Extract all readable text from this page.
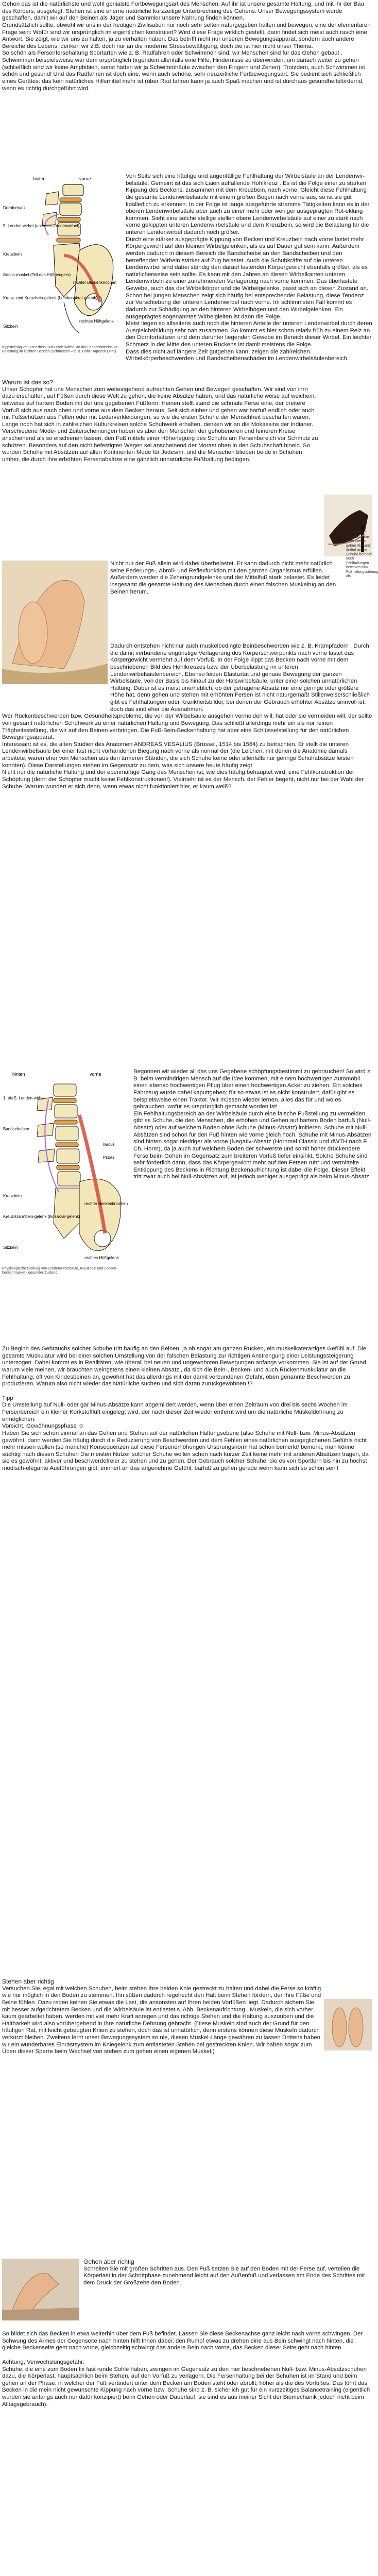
Gehen das ist die natürlichste und wohl genialste Fortbewegungsart des Menschen. Auf ihr ist unsere gesamte Haltung, und mit ihr der Bau des Körpers, ausgelegt. Stehen ist eine eherne natürliche kurzzeitige Unterbrechung des Gehens. Unser Bewegungssystem wurde geschaffen, damit wir auf den Beinen als Jäger und Sammler unsere Nahrung finden können.

Grundsätzlich sollte, obwohl wir uns in der heutigen Zivilisation nur noch sehr selten naturgegeben halten und bewegen, eine der elementaren Frage sein: Wofür sind wir ursprünglich im eigentlichen konstruiert? Wird diese Frage wirklich gestellt, dann findet sich meist auch rasch eine Antwort. Sie zeigt, wie wir uns zu halten, ja zu verhalten haben. Das betrifft nicht nur unseren Bewegungsapparat, sondern auch andere Bereiche des Lebens, denken wir z.B. doch nur an die moderne Stressbewältigung, doch die ist hier nicht unser Thema.

So schön als Fersenfersehaltung Sportarten wie z. B. Radfahren oder Schwimmen sind: wir Menschen sind für das Gehen gebaut . Schwimmen beispielsweise war dem ursprünglich (irgendein allenfalls eine Hilfe; Hindernisse zu überwinden; um danach weiter zu gehen (schließlich sind wir keine Amphibien, sonst hätten wir ja Schwimmhäute zwischen den Fingern und Zehen). Trotzdem, auch Schwimmen ist schön und gesund! Und das Radfahren ist doch eine, wenn auch schöne, sehr neuzeitliche Fortbewegungsart. Sie bedient sich schließlich eines Gerätes: das kein natürliches Hilfsmittel mehr ist (über Rad fahren kann ja auch Spaß machen und ist durchaus gesundheitsfördernd, wenn es richtig durchgeführt wird.

hinten	vorne
Dornfortsatz
5. Lenden-wirbel (unterster Lendenwirbel)
Kreuzbein
Iliacus-muskel (Teil des Hüftbeugers)
Kreuz- und Kreuzbein-gelenk (Lumbosakral-gelenk)
Sitzbein
rechter Beckenknochen
rechtes Hüftgelenk

Kippstellung von Kreuzbein und Lendenwirbel an der Lendenwirbelsäule; Belastung im leichten Bereich (Schmerzen – z. B. Hohl-Trapezen (TPT)

Von Seite sich eine häufige und augenfällige Fehlhaltung der Wirbelsäule an der Lendenwir-belsäule. Gemeint ist das sich Laien auffallende Hohlkreuz . Es ist die Folge einer zu starken Kippung des Beckens, zusammen mit dem Kreuzbein, nach vorne. Gleicht diese Fehlhaltung die gesamte Lendenwirbelsäule mit einem großen Bogen nach vorne aus, so ist sie gut koällerlich zu erkennen. In der Folge ist lange ausgeführte stramme Tätigkeiten kann es in der oberen Lendenwirbelsäule aber auch zu einer mehr oder weniger ausgeprägten Rot-eklung kommen. Sieht eine solche stellige stellen obere Lendenwirbelsäule auf einer zu stark nach vorne gekippten unteren Lendenwirbelsäule und dem Kreuzbein, so wird die Belastung für die unteren Lendenwirbel dadurch noch größer.

Durch eine stärker ausgeprägte Kippung von Becken und Kreuzbein nach vorne lastet mehr Körpergewicht auf den kleinen Wirbelgelenken, als es auf Dauer gut sein kann. Außerdem werden dadurch in diesem Bereich die Bandscheibe an den Bandscheiben und den betreffenden Wirbeln stärker auf Zug belastet. Auch die Schubkräfte auf die unteren Lendenwirbel sind dabei ständig den darauf lastenden Körpergewicht ebenfalls größer, als es natürlicherweise sein sollte. Es kann mit den Jahren an diesen Wirbelkanten unteren Lendenwirbeln zu einer zunehmenden Verlagerung nach vorne kommen. Das überlastete Gewebe, auch das der Wirbelkörper und die Wirbelgelenke, passt sich an diesen Zustand an. Schon bei jungen Menschen zeigt sich häufig bei entsprechender Belastung, diese Tendenz zur Verschiebung der unteren Lendenwirbel nach vorne. Im schlimmsten Fall kommt es dadurch zur Schädigung an den hinteren Wirbelbögen und den Wirbelgelenken. Ein ausgeprägtes sogenanntes Wirbelgleiten ist dann die Folge.

Meist liegen so allseitens auch noch die hinteren Anteile der unteren Lendenwirbel durch deren Ausgleichsbildung sehr nah zusammen. So kommt es hier schon relativ früh zu einem Reiz an den Dornfortsätzen und dem darunter liegenden Gewebe im Bereich dieser Wirbel. Ein leichter Schmerz in der Mitte des unteren Rückens ist damit meistens die Folge.

Dass dies nicht auf längere Zeit gutgehen kann, zeigen die zahlreichen Wirbelkörperbeschwerden und Bandscheibenschäden im Lendenwirbelsäulenbereich.

Warum ist das so?

Unser Schopfer hat uns Menschen zum weitestgehend aufrechten Gehen und Bewegen geschaffen. Wir sind von ihrn dazu erschaffen, auf Füßen durch diese Welt zu gehen, die keine Absätze haben, und das natürliche weise auf weichem, teilweise auf hartem Boden mit der uns gegebenen Fußform: Heinen stellt stand die schmale Ferse eine, der breitere Vorfuß sich aus nach oben und vorne aus dem Becken heraus. Seit sich einher und gehen war barfuß endlich oder auch mit Fußschützen aus Fellen oder mit Lederverkleidungen, so wie die ersten Schuhe der Menschheit beschaffen waren. Lange noch hat sich in zahlreichen Kulturkreisen solche Schuhwerk erhalten, denken wir an die Mokassins der Indianer.

Verschiedene Mode- und Zeiterscheinungen haben es aber den Menschen der gehobeneren und feineren Kreise anscheinend als so erschienen lassen, den Fuß mittels einer Höherlegung des Schuhs am Fersenbereich vor Schmutz zu schützen. Besonders auf den nicht befestigten Wegen sei anscheinend der Morast oben in den Schuhschaft hinein. So wurden Schuhe mit Absätzen auf allen Kontinenten Mode für Jedes/m, und die Menschen blieben beide in Schuhen umher, die durch ihre erhöhten Fersenabsätze eine gänzlich unnatürliche Fußhaltung bedingen.

In Schuh der Absatzschuhe, mehr Gehen gehen Abstand ändert an den Schuhe bereiten auch Fehlhaltungen bewirken bzw. Fußhaltungsstörung als

Nicht nur der Fuß allein wird dabei überbelastet. Er kann dadurch nicht mehr natürlich seine Federungs-, Abroll- und Reflexfunktion mit den ganzen Organismus erfüllen. Außerdem werden die Zehengrundgelenke und der Mittelfuß stark belastet. Es leidet insgesamt die gesamte Haltung des Menschen durch einen falschen Muskeltug an den Beinen herum.

Dadurch entstehen nicht nur auch muskelbedingte Beinbeschwerden wie z. B. Krampfadern . Durch die damit verbundene ungünstige Verlagerung des Körperschwerpunkts nach vorne lastet das Körpergewicht vermehrt auf dem Vorfuß. In der Folge kippt das Becken nach vorne mit dem beschriebenen Bild des Hohlkreuzes bzw. der Überbelastung im unteren Lendenwirbelsäulenbereich. Ebenso leiden Elastizität und genaue Bewegung der ganzen Wirbelsäule, von der Basis bis hinauf zu der Halswirbelsäule, unter einer solchen unnatürlichen Haltung. Dabei ist es meist unerheblich, ob der getragene Absatz nur eine geringe oder größere Höhe hat, denn gehen und stehen mit erhöhten Fersen ist nicht naturgemäß! Stillerweise/schließlich gibt es Fehlhaltungen oder Krankheitsbilder, bei denen der Gebrauch erhöhter Absätze sinnvoll ist, doch das sind eher die Ausnahmen.

Wer Rückenbeschwerden bzw. Gesundheitsprobleme, die von der Wirbelsäule ausgehen vermeiden will, hat oder sie vermeiden will, der sollte von gesamt natürlichen Schuhwerk zu einer natürlichen Haltung und Bewegung. Das schließt allerdings mehr ein als nur reinen Trägheitsstellung, die wir auf den Beinen verbringen. Die Fuß-Bein-Beckenhaltung hat aber eine Schlüsselstellung für den natürlichen Bewegungsapparat.

Interessant ist es, die alten Studien des Anatomen ANDREAS VESALIUS (Brüssel, 1514 bis 1564) zu betrachten. Er stellt die unteren Lendenwirbelsäule bei einer fast nicht vorhandenen Biegung nach vorne als normal der (die Leichen, mit denen die Anatomie damals arbeitete, waren eher von Menschen aus den ärmeren Ständen, die sich Schuhe keine oder allenfalls nur geringe Schuhabsätze leisten konnten). Diese Darstellungen stehen im Gegensatz zu dem, was sich unsere heute häufig zeigt.

Nicht nur die natürliche Haltung und der ebenmäßige Gang des Menschen ist, wie dies häufig behauptet wird, eine Fehlkonstruktion der Schöpfung (denn der Schöpfer macht keine Fehlkonstruktionen!). Vielmehr ist es der Mensch, der Fehler begeht, nicht nur bei der Wahl der Schuhe. Warum wundert er sich denn, wenn etwas nicht funktioniert hier, er kaum weiß?

hinten	vorne
1. bis 5. Lenden-wirbel
Bandscheiben
Kreuzbein
Kreuz-Darmbein-gelenk (Iliosakral-gelenk)
Sitzbein
Iliacus
Psoas
rechter Beckenknochen
rechtes Hüftgelenk

Physiologische Stellung von Lendenwirbelsäule, Kreuzbein und Lenden-beckenmuskel - gesunder Zustand

Begonnen wir wieder all das uns Gegebene schöpfungsbestimmt zu gebrauchen! So wird z. B. beim vermindrigen Mensch auf die Idee kommen, mit einem hochwertigen Automobil einen ebenso hochwertigen Pflug über einen hochwertigen Acker zu ziehen. Ein solches Fahrzeug würde dabei kaputtgehen; für so etwas ist es nicht konstruiert, dafür gibt es beispielsweise einen Traktor. Wir müssen wieder lernen, alles das für und wo es gebrauchen, wofür es ursprünglich gemacht worden ist!

Ein Fehlhaltungsbereich an der Wirbelsäule durch eine falsche Fußstellung zu vermeiden, gibt es Schuhe, die den Menschen, die erhöhen und Gehen auf hartem Boden barfuß (Null-Absatz) oder auf weichem Boden ohne Schuhe (Minus-Absatz) imitieren. Schuhe mit Null-Absätzen sind schon für den Fuß hinten wie vorne gleich hoch. Schuhe mit Minus-Absätzen sind hinten sogar niedriger als vorne (Negativ-Absatz (Hornmel Classic und dWTH nach F. Ch. Horm), da ja auch auf weichem Boden der schwerste und somit höher drückendere Ferse beim Gehen im Gegensatz zum breiteren Vorfuß tiefer einsinkt. Solche Schuhe sind sehr förderlich dann, dass das Körpergewicht mehr auf den Fersen ruht und vermittelte Entkippung des Beckens in Richtung Beckenaufrichtung ist dabei die Folge. Dieser Effekt tritt zwar auch bei Null-Absätzen auf, ist jedoch weniger ausgeprägt als beim Minus-Absatz.

Zu Beginn des Gebrauchs solcher Schuhe tritt häufig an den Beinen, ja ob sogar am ganzen Rücken, ein muskelkaterartiges Gefühl auf. Die gesamte Muskulatur wird bei einer solchen Umstellung von der falschen Belastung zur richtigen Anstrengung einer Leistungssteigerung unterzogen. Dabei kommt es in Realitäten, wie überall bei neuen und ungewohnten Bewegungen anfangs vorkommen. Sie ist auf der Grund, warum viele meinen, wir bräuchten weingstens einen kleinen Absatz , da sich die Bein-, Becken- und auch Rückenmuskulatur an die Fehlhaltung, oft von Kindesbeinen an, gewöhnt hat das allerdings mit der damit verbundenen Gefahr, oben genannte Beschwerden zu produzieren. Warum also nicht wieder das Natürliche suchen und sich daran zurückgewöhnen !?

Tipp
Die Umstellung auf Null- oder gar Minus-Absätze kann abgemildert werden, wenn über einen Zeitraum von drei bis sechs Wochen im Fersenbereich ein kleiner Korkstufflüft eingelegt wird, der nach dieser Zeit wieder entfernt wird um die natürliche Muskeldehnung zu ermöglichen.

Vorsicht, Gewöhnungsphase ☺

Haben Sie sich schon einmal an das Gehen und Stehen auf der natürlichen Haltungsebene (also Schuhe mit Null- bzw. Minus-Absätzen gewöhnt, dann werden Sie häufig durch die Reduzierung von Beschwerden und dem Fehlen eines natürlichen ausgeglichenen Gefühls nicht mehr missen wollen (so manche) Konsequenzen auf diese Fersenerhöhungen Ursprungsnorm hat schon bemerkt/ bemerkt, man könne süchtig nach diesen Schuhen Die meisten Nutzer solcher Schuhe wollen schon nach kurzer Zeit keine mehr mit anderen Absätzen tragen, da sie es gewöhnt, aktiver und beschwerdefreier zu stehen und zu gehen. Der Gebrauch solcher Schuhe, die es von Sportlern bis hin zu höchst modisch-elegante Ausführungen gibt, erinnert an das angenehme Gefühl, barfuß zu gehen gerade wenn kann sich so schön sein!

Stehen aber richtig

Versuchen Sie, egal mit welchen Schuhen, beim stehen Ihre beiden Knie gestreckt zu halten und dabei die Ferse so kräftig wie nur möglich in den Boden zu stemmen. Ihn süßen dadurch regelrecht den Halt beim Stehen fördern, der Ihre Füße und Beine fühlen. Dazu reden keinen Sie etwas die Last, die ansonsten auf Ihren beiden Vorfüßen liegt. Dadurch sichern Sie mit besser aufgerichtetem Becken und die Wirbelsäule ist entlastet s. Abb. Beckenaufrichtung . Muskeln, die sich vorher kaum gearbeitet haben, werden mit viel mehr Kraft anregen und das richtige Stehen und die Haltung auszuüben und die Haltbarkeit wird also vorübergehend in Ihre natürliche Dehnung gebracht. (Diese Muskeln sind auch der Grund für den häufigen Rat, mit leicht gebeugten Knien zu stehen, doch das ist unnatürlich, denn erstens können diese Muskeln dadurch verkürzt bleiben. Zweitens lernt unser Bewegungssystem so nie, diesen Muskel-Länge gewähren zu lassen Drittens haben wir ein wunderbares Einrastsystem im Kniegelenk zum entlasteten Stehen bei gestreckten Knien. Wir haben sogar zum Üben dieser Sperre beim Wechsel von stehen zum gehen einen eigenen Muskel.)

Gehen aber richtig

Schreiten Sie mit großen Schritten aus. Den Fuß setzen Sie auf den Boden mit der Ferse auf, verteilen die Körperlast in der Schrittphase zunehmend leicht auf den Außenfuß und verlassen am Ende des Schrittes mit dem Druck der Großzehe den Boden.

So bildet sich das Becken in etwa weiterhin über dem Fuß befindet. Lassen Sie diese Beckenachse ganz leicht nach vorne schwingen. Der Schwung des Armes der Gegenseite nach hinten hilft Ihnen dabei; den Rumpf etwas zu drehen eine aus Bein schwingt nach hinten, die gleiche Beckenseite geht nach vorne, gleichzeitig schwingt das andere Bein nach vorne, das Becken dieser Seite geht nach hinten.

Achtung, Verwechslungsgefahr:

Schuhe, die eine zum Boden fix fast runde Sohle haben, zwingen im Gegensatz zu den hier beschriebenen Null- bzw. Minus-Absatzschuhen dazu, die Körperlast, hauptsächlich beim Stehen, auf den Vorfuß zu verlagern. Die Fersenhaltung bei der Schuhen ist im Stand und beim gehen an der Phase, in welcher der Fuß verändert unter dem Becken am Boden steht oder abrollt, höher als die des Vorfußes. Das führt das Becken in die mein nicht gewünschte Kippung nach vorne bzw. Schuhe sind z. B. sicherlich gut für ein kurzzeitiges Balancetraining (eigentlich wurden sie anfangs auch nur dafür konzipiert) beim Gehen oder Dauerlauf, sie sind es aus meiner Sicht der Biomechanik jedoch nicht beim Alltagsgebrauch).
